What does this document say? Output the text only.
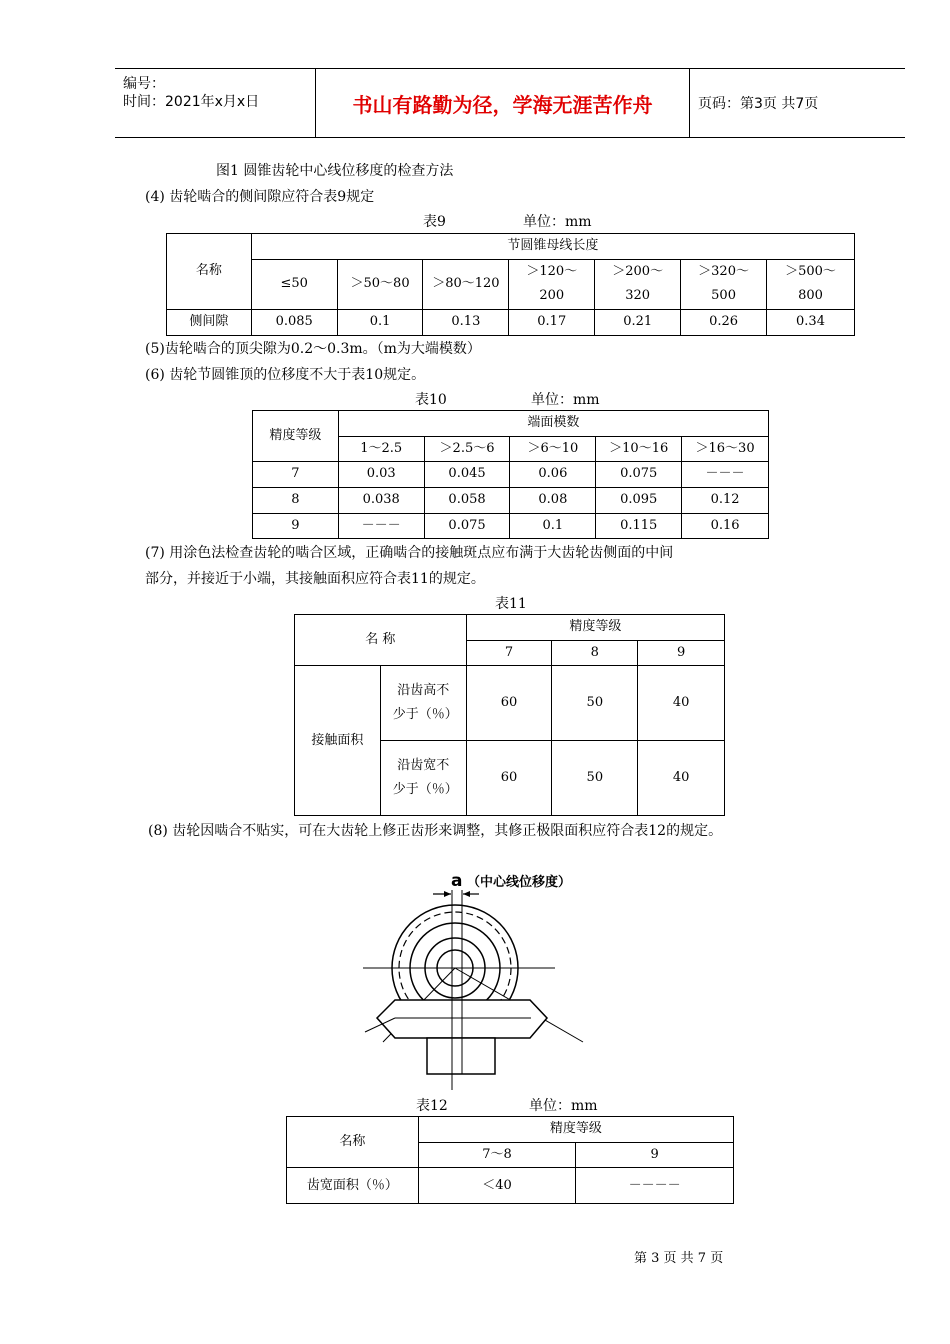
编号：
时间：2021年x月x日	书山有路勤为径，学海无涯苦作舟	页码：第3页 共7页
图1 圆锥齿轮中心线位移度的检查方法
(4) 齿轮啮合的侧间隙应符合表9规定
表9	单位：mm
名称	节圆锥母线长度						
	≤50	＞50～80	＞80～120	＞120～200	＞200～320	＞320～500	＞500～800
侧间隙	0.085	0.1	0.13	0.17	0.21	0.26	0.34
(5)齿轮啮合的顶尖隙为0.2～0.3m。（m为大端模数）
(6) 齿轮节圆锥顶的位移度不大于表10规定。
表10	单位：mm
精度等级	端面模数				
	1～2.5	＞2.5～6	＞6～10	＞10～16	＞16～30
7	0.03	0.045	0.06	0.075	－－－
8	0.038	0.058	0.08	0.095	0.12
9	－－－	0.075	0.1	0.115	0.16
(7) 用涂色法检查齿轮的啮合区域，正确啮合的接触斑点应布满于大齿轮齿侧面的中间
部分，并接近于小端，其接触面积应符合表11的规定。
表11
名 称		精度等级		
		7	8	9
接触面积	沿齿高不少于（％）	60	50	40
	沿齿宽不少于（％）	60	50	40
(8) 齿轮因啮合不贴实，可在大齿轮上修正齿形来调整，其修正极限面积应符合表12的规定。
a （中心线位移度）
表12	单位：mm
名称	精度等级	
	7～8	9
齿宽面积（％）	＜40	－－－－
第 3 页 共 7 页
